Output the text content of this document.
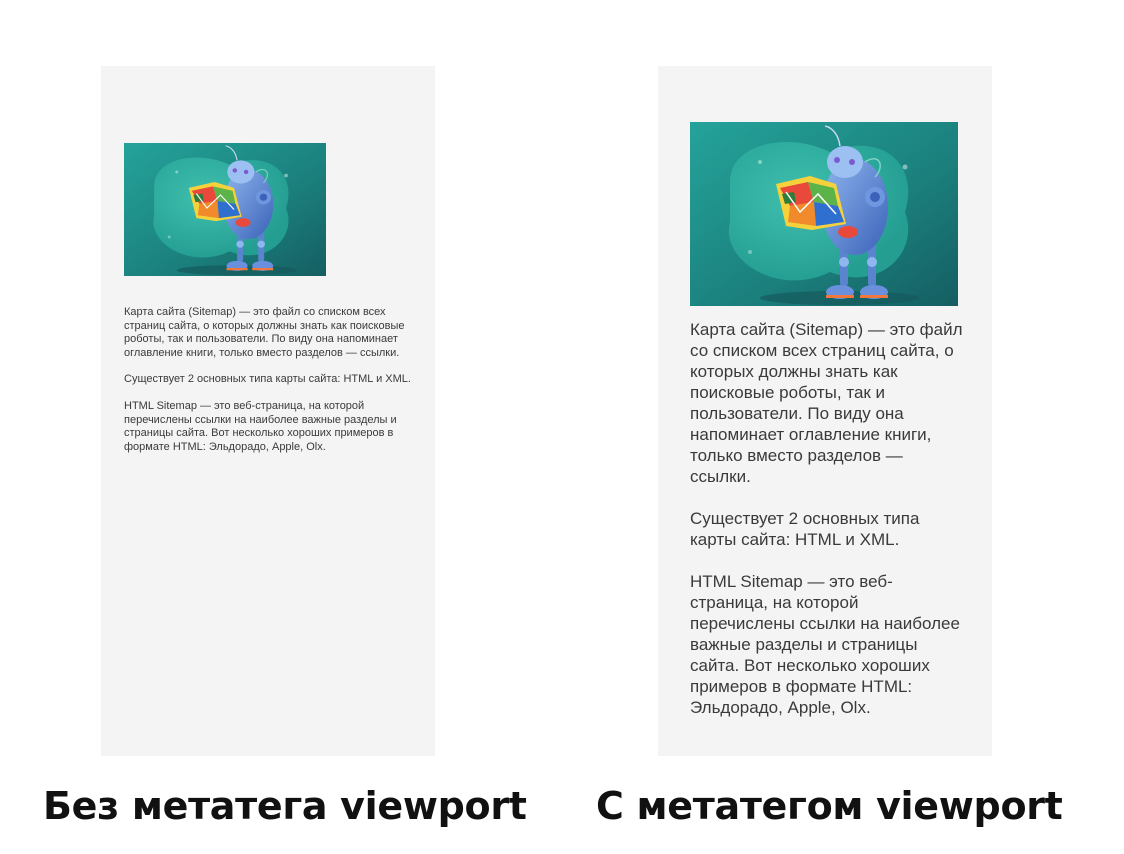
Карта сайта (Sitemap) — это файл со списком всех страниц сайта, о которых должны знать как поисковые роботы, так и пользователи. По виду она напоминает оглавление книги, только вместо разделов — ссылки.

Существует 2 основных типа карты сайта: HTML и XML.

HTML Sitemap — это веб-страница, на которой перечислены ссылки на наиболее важные разделы и страницы сайта. Вот несколько хороших примеров в формате HTML: Эльдорадо, Apple, Olx.

Карта сайта (Sitemap) — это файл со списком всех страниц сайта, о которых должны знать как поисковые роботы, так и пользователи. По виду она напоминает оглавление книги, только вместо разделов — ссылки.

Существует 2 основных типа карты сайта: HTML и XML.

HTML Sitemap — это веб-страница, на которой перечислены ссылки на наиболее важные разделы и страницы сайта. Вот несколько хороших примеров в формате HTML: Эльдорадо, Apple, Olx.

Без метатега viewport С метатегом viewport
